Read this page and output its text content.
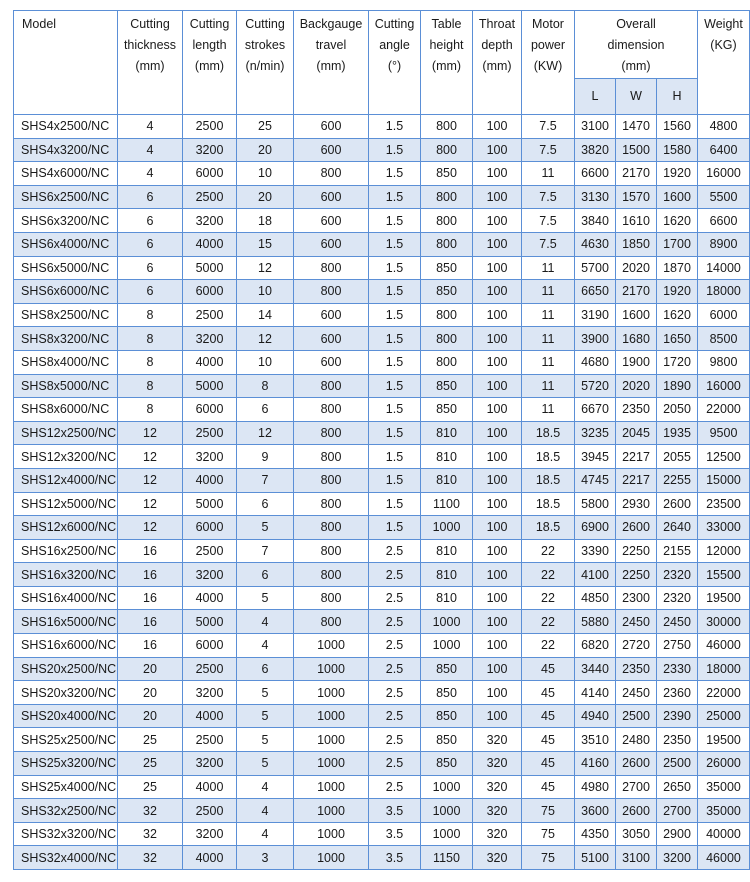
Model	Cutting
thickness
(mm)	Cutting
length
(mm)	Cutting
strokes
(n/min)	Backgauge
travel
(mm)	Cutting
angle
(°)	Table
height
(mm)	Throat
depth
(mm)	Motor
power
(KW)	Overall
dimension
(mm)			Weight
(KG)
									L	W	H	
SHS4x2500/NC	4	2500	25	600	1.5	800	100	7.5	3100	1470	1560	4800
SHS4x3200/NC	4	3200	20	600	1.5	800	100	7.5	3820	1500	1580	6400
SHS4x6000/NC	4	6000	10	800	1.5	850	100	11	6600	2170	1920	16000
SHS6x2500/NC	6	2500	20	600	1.5	800	100	7.5	3130	1570	1600	5500
SHS6x3200/NC	6	3200	18	600	1.5	800	100	7.5	3840	1610	1620	6600
SHS6x4000/NC	6	4000	15	600	1.5	800	100	7.5	4630	1850	1700	8900
SHS6x5000/NC	6	5000	12	800	1.5	850	100	11	5700	2020	1870	14000
SHS6x6000/NC	6	6000	10	800	1.5	850	100	11	6650	2170	1920	18000
SHS8x2500/NC	8	2500	14	600	1.5	800	100	11	3190	1600	1620	6000
SHS8x3200/NC	8	3200	12	600	1.5	800	100	11	3900	1680	1650	8500
SHS8x4000/NC	8	4000	10	600	1.5	800	100	11	4680	1900	1720	9800
SHS8x5000/NC	8	5000	8	800	1.5	850	100	11	5720	2020	1890	16000
SHS8x6000/NC	8	6000	6	800	1.5	850	100	11	6670	2350	2050	22000
SHS12x2500/NC	12	2500	12	800	1.5	810	100	18.5	3235	2045	1935	9500
SHS12x3200/NC	12	3200	9	800	1.5	810	100	18.5	3945	2217	2055	12500
SHS12x4000/NC	12	4000	7	800	1.5	810	100	18.5	4745	2217	2255	15000
SHS12x5000/NC	12	5000	6	800	1.5	1100	100	18.5	5800	2930	2600	23500
SHS12x6000/NC	12	6000	5	800	1.5	1000	100	18.5	6900	2600	2640	33000
SHS16x2500/NC	16	2500	7	800	2.5	810	100	22	3390	2250	2155	12000
SHS16x3200/NC	16	3200	6	800	2.5	810	100	22	4100	2250	2320	15500
SHS16x4000/NC	16	4000	5	800	2.5	810	100	22	4850	2300	2320	19500
SHS16x5000/NC	16	5000	4	800	2.5	1000	100	22	5880	2450	2450	30000
SHS16x6000/NC	16	6000	4	1000	2.5	1000	100	22	6820	2720	2750	46000
SHS20x2500/NC	20	2500	6	1000	2.5	850	100	45	3440	2350	2330	18000
SHS20x3200/NC	20	3200	5	1000	2.5	850	100	45	4140	2450	2360	22000
SHS20x4000/NC	20	4000	5	1000	2.5	850	100	45	4940	2500	2390	25000
SHS25x2500/NC	25	2500	5	1000	2.5	850	320	45	3510	2480	2350	19500
SHS25x3200/NC	25	3200	5	1000	2.5	850	320	45	4160	2600	2500	26000
SHS25x4000/NC	25	4000	4	1000	2.5	1000	320	45	4980	2700	2650	35000
SHS32x2500/NC	32	2500	4	1000	3.5	1000	320	75	3600	2600	2700	35000
SHS32x3200/NC	32	3200	4	1000	3.5	1000	320	75	4350	3050	2900	40000
SHS32x4000/NC	32	4000	3	1000	3.5	1150	320	75	5100	3100	3200	46000
